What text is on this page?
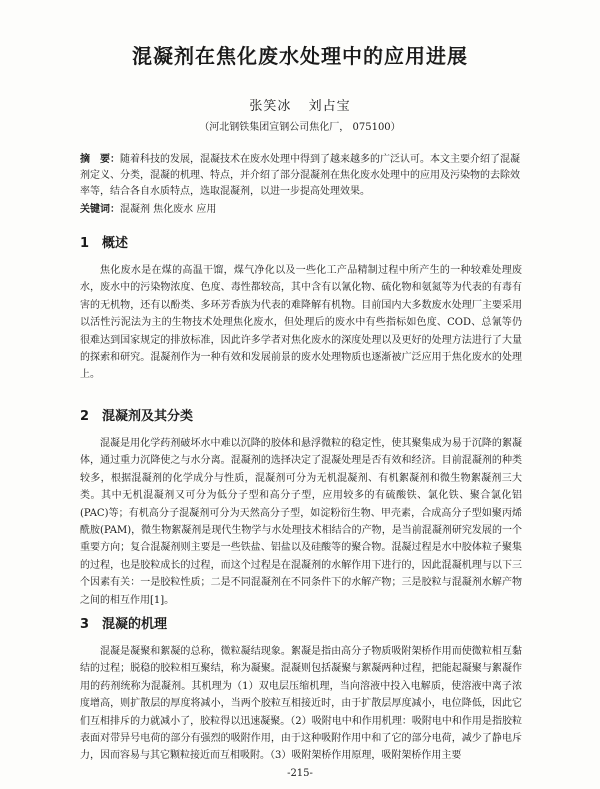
混凝剂在焦化废水处理中的应用进展
张笑冰 刘占宝
（河北钢铁集团宣钢公司焦化厂， 075100）
摘　要：随着科技的发展，混凝技术在废水处理中得到了越来越多的广泛认可。本文主要介绍了混凝剂定义、分类，混凝的机理、特点，并介绍了部分混凝剂在焦化废水处理中的应用及污染物的去除效率等，结合各自水质特点，选取混凝剂，以进一步提高处理效果。
关键词：混凝剂 焦化废水 应用
1 概述
焦化废水是在煤的高温干馏，煤气净化以及一些化工产品精制过程中所产生的一种较难处理废水，废水中的污染物浓度、色度、毒性都较高，其中含有以氰化物、硫化物和氨氮等为代表的有毒有害的无机物，还有以酚类、多环芳香族为代表的难降解有机物。目前国内大多数废水处理厂主要采用以活性污泥法为主的生物技术处理焦化废水，但处理后的废水中有些指标如色度、COD、总氰等仍很难达到国家规定的排放标准，因此许多学者对焦化废水的深度处理以及更好的处理方法进行了大量的探索和研究。混凝剂作为一种有效和发展前景的废水处理物质也逐渐被广泛应用于焦化废水的处理上。
2 混凝剂及其分类
混凝是用化学药剂破坏水中难以沉降的胶体和悬浮微粒的稳定性，使其聚集成为易于沉降的絮凝体，通过重力沉降使之与水分离。混凝剂的选择决定了混凝处理是否有效和经济。目前混凝剂的种类较多，根据混凝剂的化学成分与性质，混凝剂可分为无机混凝剂、有机絮凝剂和微生物絮凝剂三大类。其中无机混凝剂又可分为低分子型和高分子型，应用较多的有硫酸铁、氯化铁、聚合氯化铝(PAC)等；有机高分子混凝剂可分为天然高分子型，如淀粉衍生物、甲壳素，合成高分子型如聚丙烯酰胺(PAM)，微生物絮凝剂是现代生物学与水处理技术相结合的产物，是当前混凝剂研究发展的一个重要方向；复合混凝剂则主要是一些铁盐、铝盐以及硅酸等的聚合物。混凝过程是水中胶体粒子聚集的过程，也是胶粒成长的过程，而这个过程是在混凝剂的水解作用下进行的，因此混凝机理与以下三个因素有关：一是胶粒性质；二是不同混凝剂在不同条件下的水解产物；三是胶粒与混凝剂水解产物之间的相互作用[1]。
3 混凝的机理
混凝是凝聚和絮凝的总称，微粒凝结现象。絮凝是指由高分子物质吸附架桥作用而使微粒相互黏结的过程；脱稳的胶粒相互聚结，称为凝聚。混凝则包括凝聚与絮凝两种过程，把能起凝聚与絮凝作用的药剂统称为混凝剂。其机理为（1）双电层压缩机理，当向溶液中投入电解质，使溶液中离子浓度增高，则扩散层的厚度将减小，当两个胶粒互相接近时，由于扩散层厚度减小，电位降低，因此它们互相排斥的力就减小了，胶粒得以迅速凝聚。（2）吸附电中和作用机理：吸附电中和作用是指胶粒表面对带异号电荷的部分有强烈的吸附作用，由于这种吸附作用中和了它的部分电荷，减少了静电斥力，因而容易与其它颗粒接近而互相吸附。（3）吸附架桥作用原理，吸附架桥作用主要
-215-
